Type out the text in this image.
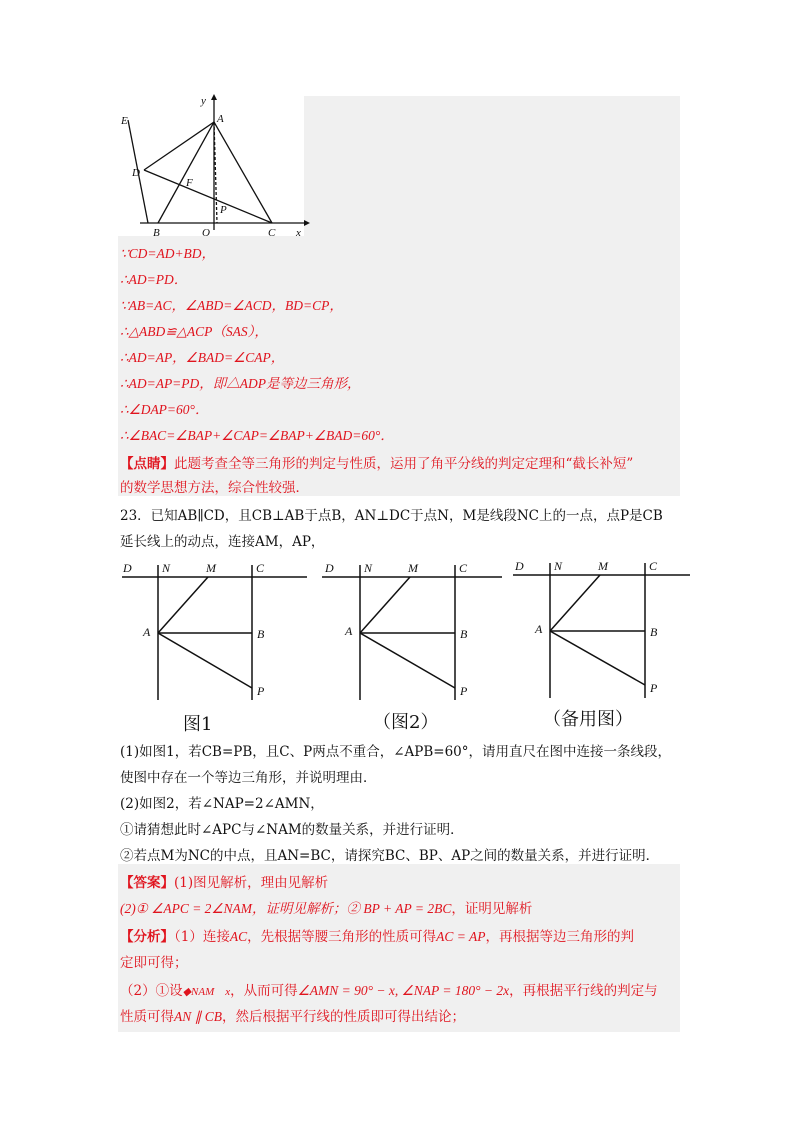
y
E	A
D
F
P
B	O	C x
∵CD=AD+BD，
∴AD=PD．
∵AB=AC，∠ABD=∠ACD，BD=CP，
∴△ABD≌△ACP（SAS），
∴AD=AP，∠BAD=∠CAP，
∴AD=AP=PD，即△ADP是等边三角形，
∴∠DAP=60°．
∴∠BAC=∠BAP+∠CAP=∠BAP+∠BAD=60°．
【点睛】此题考查全等三角形的判定与性质，运用了角平分线的判定定理和“截长补短”
的数学思想方法，综合性较强．
23．已知AB∥CD，且CB⊥AB于点B，AN⊥DC于点N，M是线段NC上的一点，点P是CB
延长线上的动点，连接AM，AP，
D	N	M	C
A	B
P
D	N	M	C
A	B
P
D	N	M	C
A	B
P
图1	（图2）	（备用图）
(1)如图1，若CB=PB，且C、P两点不重合，∠APB=60°，请用直尺在图中连接一条线段，
使图中存在一个等边三角形，并说明理由．
(2)如图2，若∠NAP=2∠AMN，
①请猜想此时∠APC与∠NAM的数量关系，并进行证明．
②若点M为NC的中点，且AN=BC，请探究BC、BP、AP之间的数量关系，并进行证明．
【答案】(1)图见解析，理由见解析
(2)① ∠APC = 2∠NAM，证明见解析；② BP + AP = 2BC，证明见解析
【分析】（1）连接AC，先根据等腰三角形的性质可得AC = AP，再根据等边三角形的判
定即可得；
（2）①设◆NAM　x，从而可得∠AMN = 90° − x, ∠NAP = 180° − 2x，再根据平行线的判定与
性质可得AN ∥ CB，然后根据平行线的性质即可得出结论；
